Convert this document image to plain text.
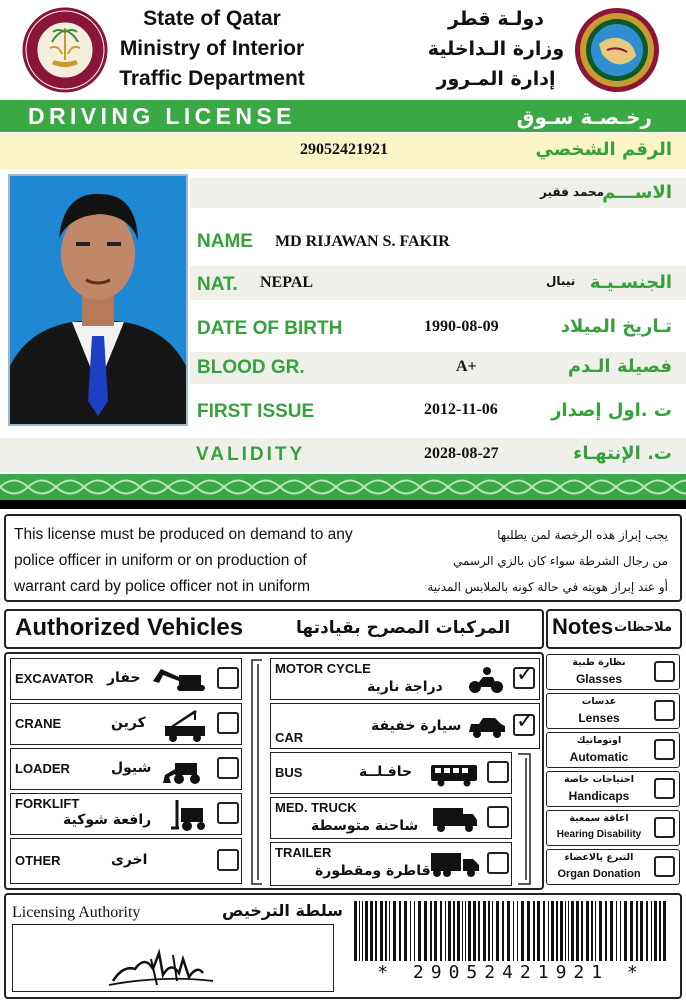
State of Qatar
Ministry of Interior
Traffic Department
دولـة قطر
وزارة الـداخلية
إدارة المـرور
DRIVING LICENSE	رخـصـة سـوق
29052421921	الرقم الشخصي
محمد فقير
الاســـم
NAME MD RIJAWAN S. FAKIR
NAT. NEPAL	نيبال الجنسـيـة
DATE OF BIRTH	1990-08-09	تـاريخ الميلاد
BLOOD GR.	A+	فصيلة الـدم
FIRST ISSUE	2012-11-06	ت .اول إصدار
VALIDITY	2028-08-27	ت. الإنتهـاء
This license must be produced on demand to any
police officer in uniform or on production of
warrant card by police officer not in uniform
يجب إبراز هذه الرخصة لمن يطلبها
من رجال الشرطة سواء كان بالزي الرسمي
أو عند إبراز هويته في حالة كونه بالملابس المدنية
Authorized Vehicles	المركبات المصرح بقيادتها Notes ملاحظات
EXCAVATOR حفار
CRANE	كرين
LOADER	شيول
FORKLIFT
رافعة شوكية
OTHER	اخرى
MOTOR CYCLE
دراجة نارية
✓
CAR
سيارة خفيفة ✓
BUS	حافـلــة
MED. TRUCK
شاحنة متوسطة
TRAILER
قاطرة ومقطورة
نظارة طبية
Glasses
عدسات
Lenses
اوتوماتيك
Automatic
احتياجات خاصة
Handicaps
اعاقة سمعية
Hearing Disability
التبرع بالاعضاء
Organ Donation
Licensing Authority	سلطة الترخيص
* 29052421921 *
